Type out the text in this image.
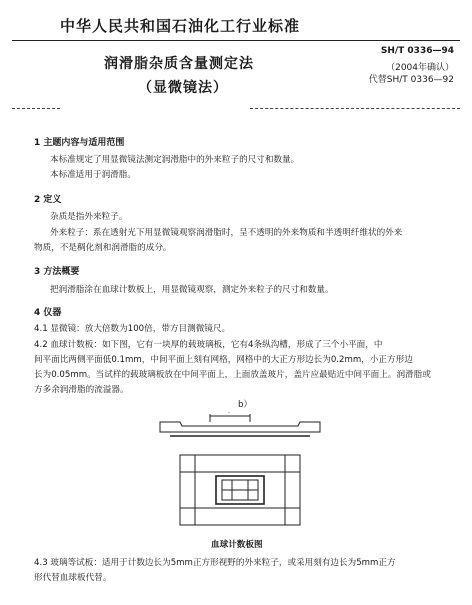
中华人民共和国石油化工行业标准
润滑脂杂质含量测定法
（显微镜法）
SH/T 0336—94
（2004年确认）
代替SH/T 0336—92
1 主题内容与适用范围
本标准规定了用显微镜法测定润滑脂中的外来粒子的尺寸和数量。
本标准适用于润滑脂。
2 定义
杂质是指外来粒子。
外来粒子：系在透射光下用显微镜观察润滑脂时，呈不透明的外来物质和半透明纤维状的外来
物质，不是稠化剂和润滑脂的成分。
3 方法概要
把润滑脂涂在血球计数板上，用显微镜观察，测定外来粒子的尺寸和数量。
4 仪器
4.1 显微镜：放大倍数为100倍，带方目测微镜尺。
4.2 血球计数板：如下图，它有一块厚的载玻璃板，它有4条纵沟槽，形成了三个小平面，中
间平面比两侧平面低0.1mm，中间平面上刻有网格，网格中的大正方形边长为0.2mm，小正方形边
长为0.05mm。当试样的载玻璃板放在中间平面上，上面放盖玻片，盖片应最贴近中间平面上。润滑脂或
方多余润滑脂的流溢器。
b）
·
血球计数板图
4.3 玻璃等试板：适用于计数边长为5mm正方形视野的外来粒子，或采用刻有边长为5mm正方
形代替血球板代替。
